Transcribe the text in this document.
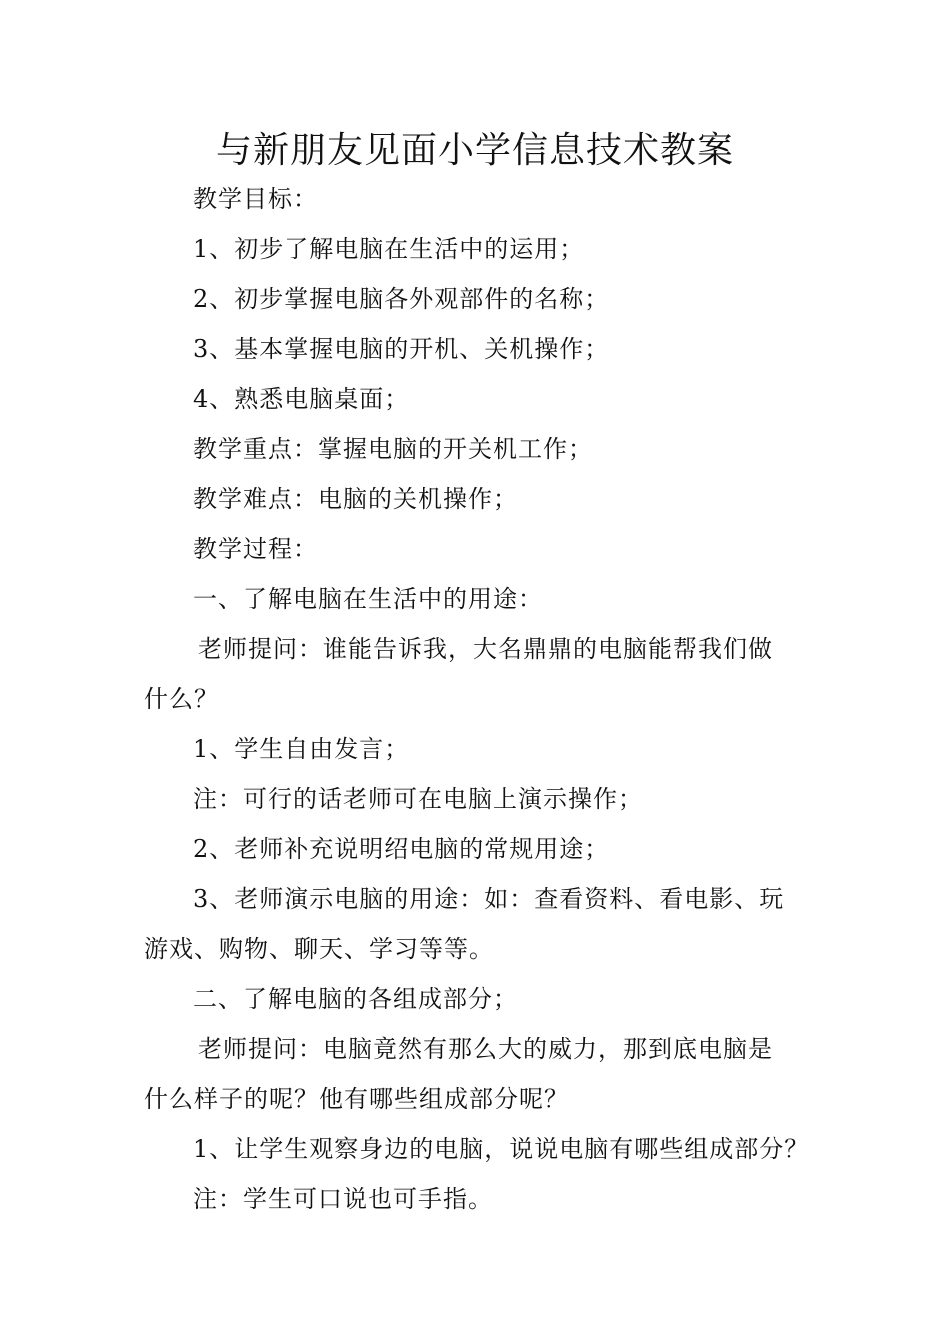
与新朋友见面小学信息技术教案
教学目标：
1、初步了解电脑在生活中的运用；
2、初步掌握电脑各外观部件的名称；
3、基本掌握电脑的开机、关机操作；
4、熟悉电脑桌面；
教学重点：掌握电脑的开关机工作；
教学难点：电脑的关机操作；
教学过程：
一、了解电脑在生活中的用途：
老师提问：谁能告诉我，大名鼎鼎的电脑能帮我们做
什么？
1、学生自由发言；
注：可行的话老师可在电脑上演示操作；
2、老师补充说明绍电脑的常规用途；
3、老师演示电脑的用途：如：查看资料、看电影、玩
游戏、购物、聊天、学习等等。
二、了解电脑的各组成部分；
老师提问：电脑竟然有那么大的威力，那到底电脑是
什么样子的呢？他有哪些组成部分呢？
1、让学生观察身边的电脑，说说电脑有哪些组成部分？
注：学生可口说也可手指。
